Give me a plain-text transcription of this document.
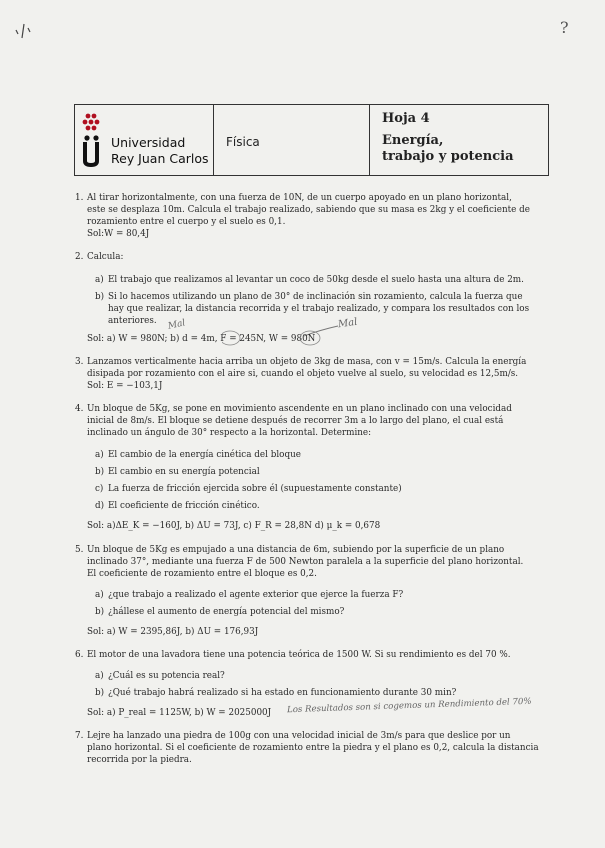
?
Universidad
Rey Juan Carlos
Física
Hoja 4
Energía,
trabajo y potencia
1. Al tirar horizontalmente, con una fuerza de 10N, de un cuerpo apoyado en un plano horizontal,
este se desplaza 10m. Calcula el trabajo realizado, sabiendo que su masa es 2kg y el coeficiente de
rozamiento entre el cuerpo y el suelo es 0,1.
Sol:W = 80,4J
2. Calcula:
a) El trabajo que realizamos al levantar un coco de 50kg desde el suelo hasta una altura de 2m.
b) Si lo hacemos utilizando un plano de 30° de inclinación sin rozamiento, calcula la fuerza que
hay que realizar, la distancia recorrida y el trabajo realizado, y compara los resultados con los
anteriores. Mal	Mal
Sol: a) W = 980N; b) d = 4m, F = 245N, W = 980N
3. Lanzamos verticalmente hacia arriba un objeto de 3kg de masa, con v = 15m/s. Calcula la energía
disipada por rozamiento con el aire si, cuando el objeto vuelve al suelo, su velocidad es 12,5m/s.
Sol: E = −103,1J
4. Un bloque de 5Kg, se pone en movimiento ascendente en un plano inclinado con una velocidad
inicial de 8m/s. El bloque se detiene después de recorrer 3m a lo largo del plano, el cual está
inclinado un ángulo de 30° respecto a la horizontal. Determine:
a) El cambio de la energía cinética del bloque
b) El cambio en su energía potencial
c) La fuerza de fricción ejercida sobre él (supuestamente constante)
d) El coeficiente de fricción cinético.
Sol: a)ΔE_K = −160J, b) ΔU = 73J, c) F_R = 28,8N d) μ_k = 0,678
5. Un bloque de 5Kg es empujado a una distancia de 6m, subiendo por la superficie de un plano
inclinado 37°, mediante una fuerza F de 500 Newton paralela a la superficie del plano horizontal.
El coeficiente de rozamiento entre el bloque es 0,2.
a) ¿que trabajo a realizado el agente exterior que ejerce la fuerza F?
b) ¿hállese el aumento de energía potencial del mismo?
Sol: a) W = 2395,86J, b) ΔU = 176,93J
6. El motor de una lavadora tiene una potencia teórica de 1500 W. Si su rendimiento es del 70 %.
a) ¿Cuál es su potencia real?
b) ¿Qué trabajo habrá realizado si ha estado en funcionamiento durante 30 min?
Sol: a) P_real = 1125W, b) W = 2025000J Los Resultados son si cogemos un Rendimiento del 70%
7. Lejre ha lanzado una piedra de 100g con una velocidad inicial de 3m/s para que deslice por un
plano horizontal. Si el coeficiente de rozamiento entre la piedra y el plano es 0,2, calcula la distancia
recorrida por la piedra.
